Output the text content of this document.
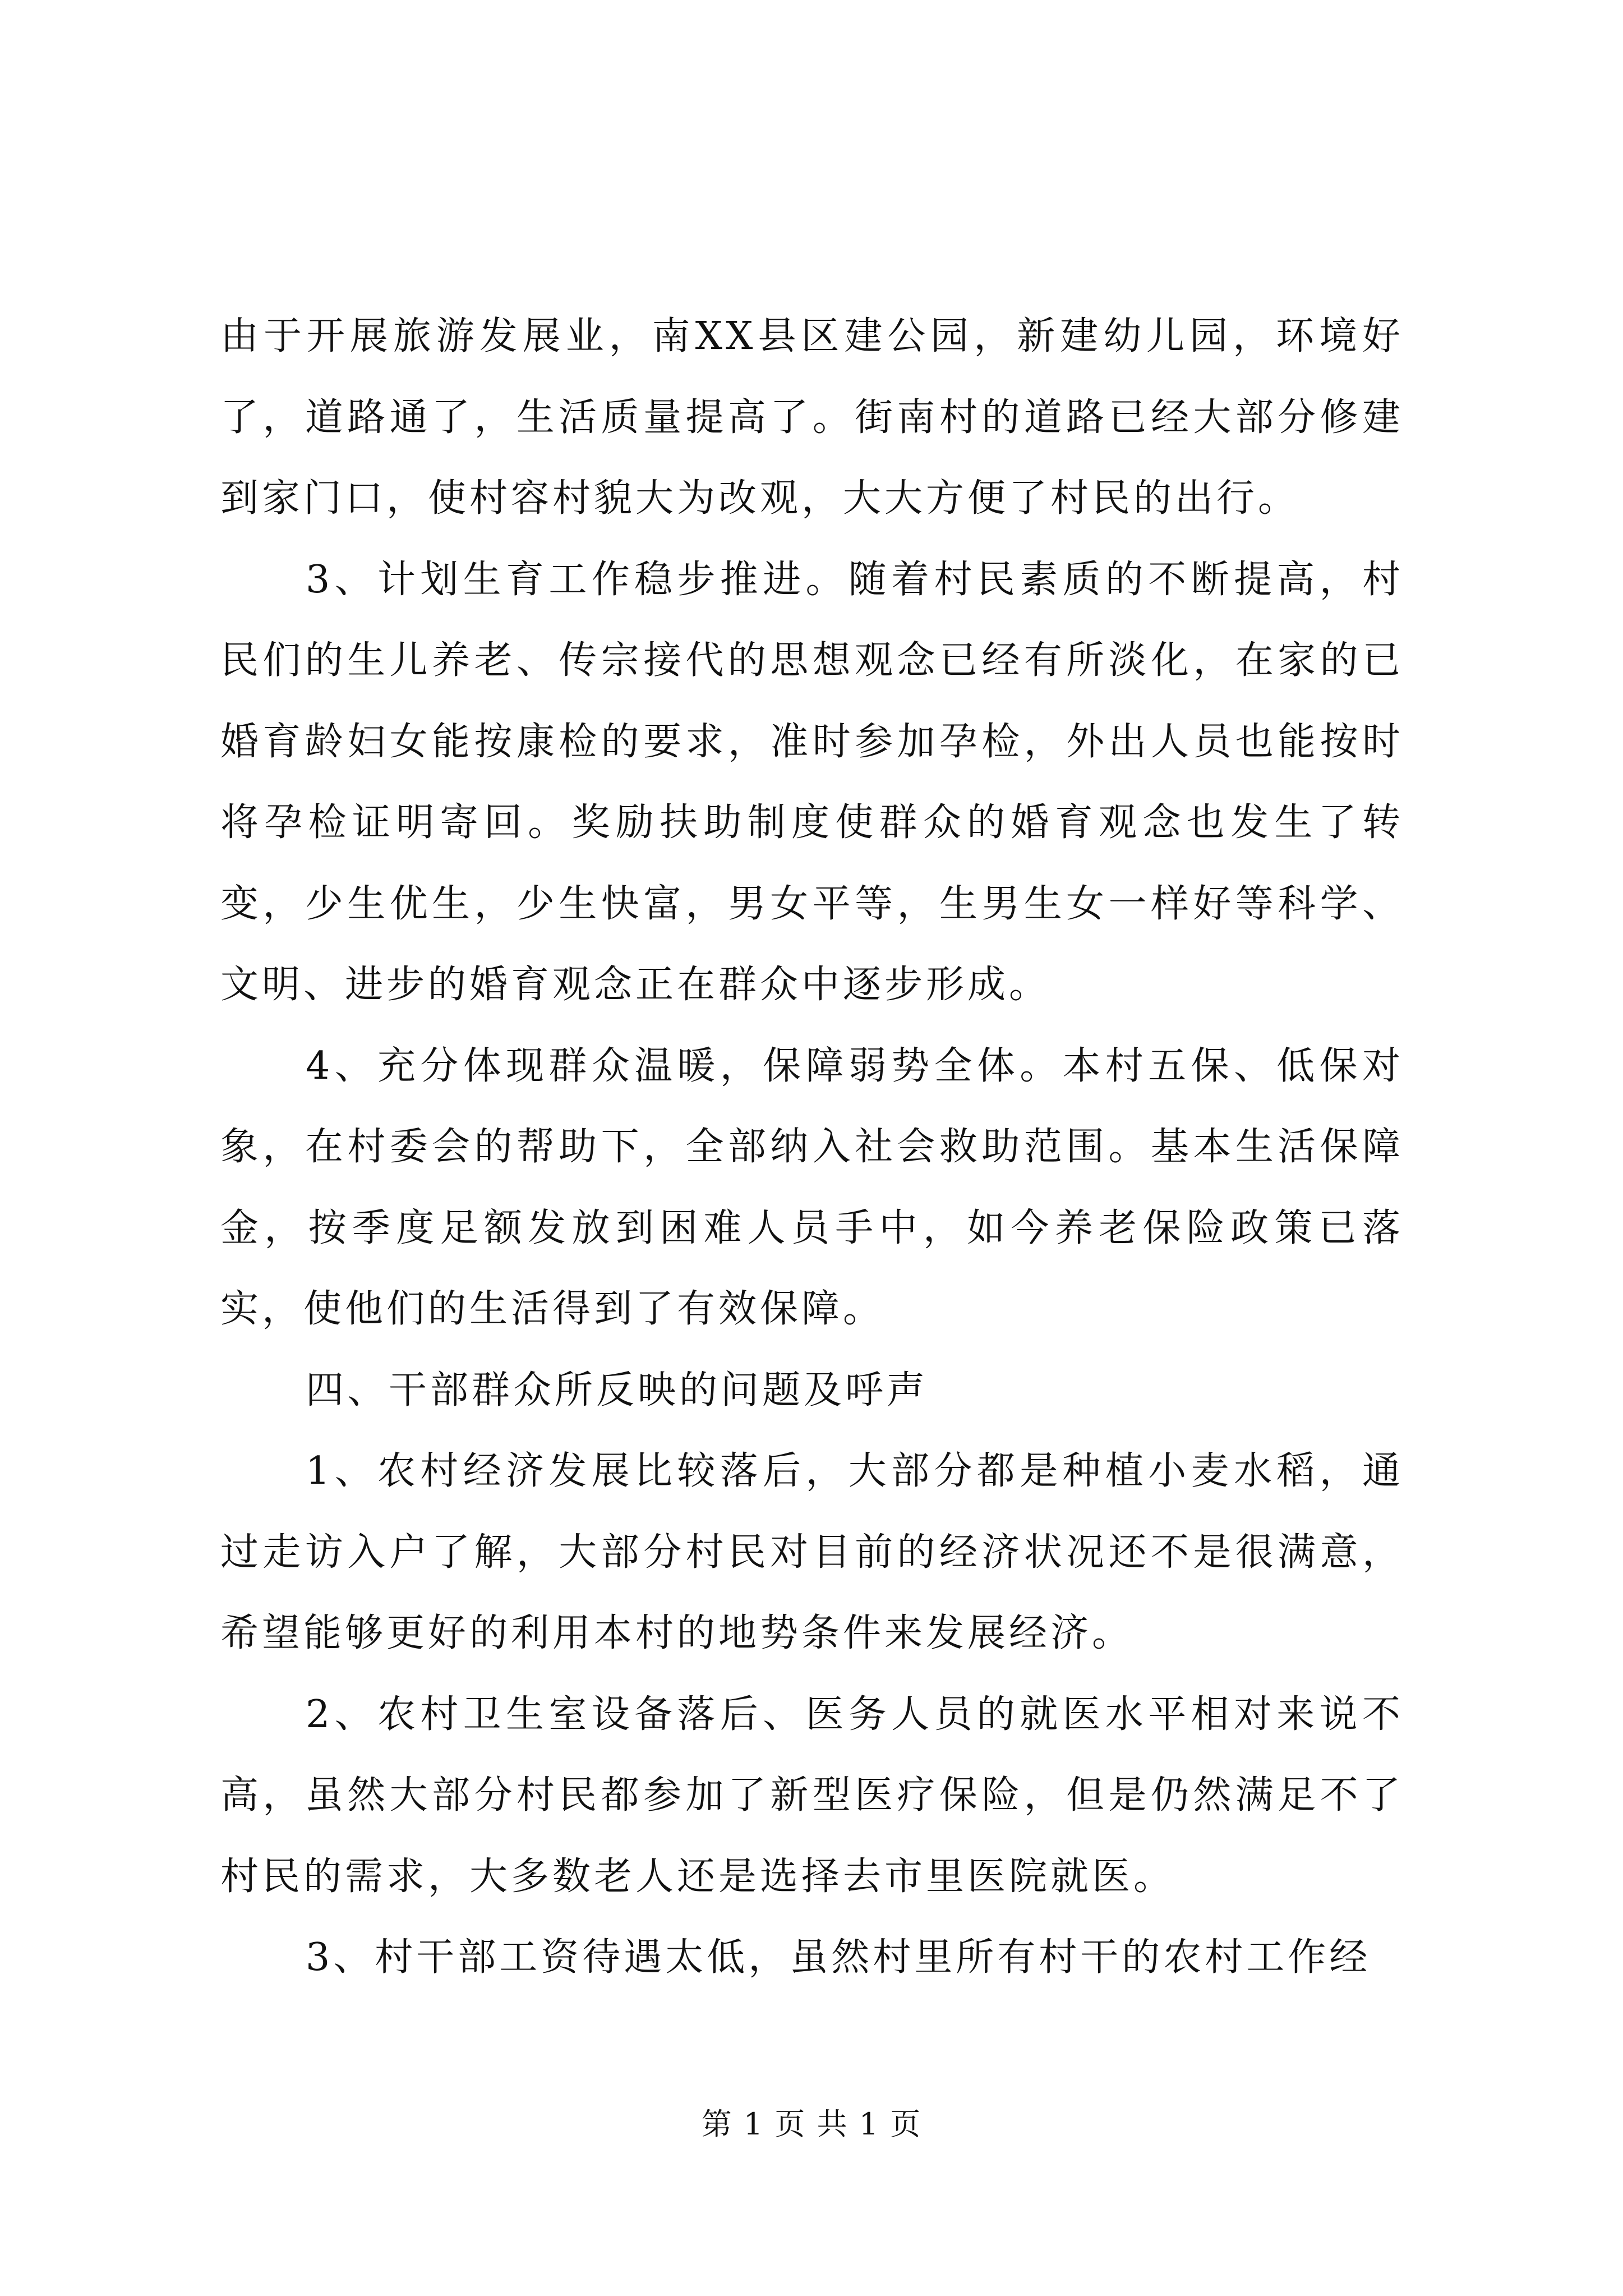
由于开展旅游发展业，南XX县区建公园，新建幼儿园，环境好了，道路通了，生活质量提高了。街南村的道路已经大部分修建到家门口，使村容村貌大为改观，大大方便了村民的出行。

3、计划生育工作稳步推进。随着村民素质的不断提高，村民们的生儿养老、传宗接代的思想观念已经有所淡化，在家的已婚育龄妇女能按康检的要求，准时参加孕检，外出人员也能按时将孕检证明寄回。奖励扶助制度使群众的婚育观念也发生了转变，少生优生，少生快富，男女平等，生男生女一样好等科学、文明、进步的婚育观念正在群众中逐步形成。

4、充分体现群众温暖，保障弱势全体。本村五保、低保对象，在村委会的帮助下，全部纳入社会救助范围。基本生活保障金，按季度足额发放到困难人员手中，如今养老保险政策已落实，使他们的生活得到了有效保障。

四、干部群众所反映的问题及呼声

1、农村经济发展比较落后，大部分都是种植小麦水稻，通过走访入户了解，大部分村民对目前的经济状况还不是很满意，希望能够更好的利用本村的地势条件来发展经济。

2、农村卫生室设备落后、医务人员的就医水平相对来说不高，虽然大部分村民都参加了新型医疗保险，但是仍然满足不了村民的需求，大多数老人还是选择去市里医院就医。

3、村干部工资待遇太低，虽然村里所有村干的农村工作经

第 1 页 共 1 页
